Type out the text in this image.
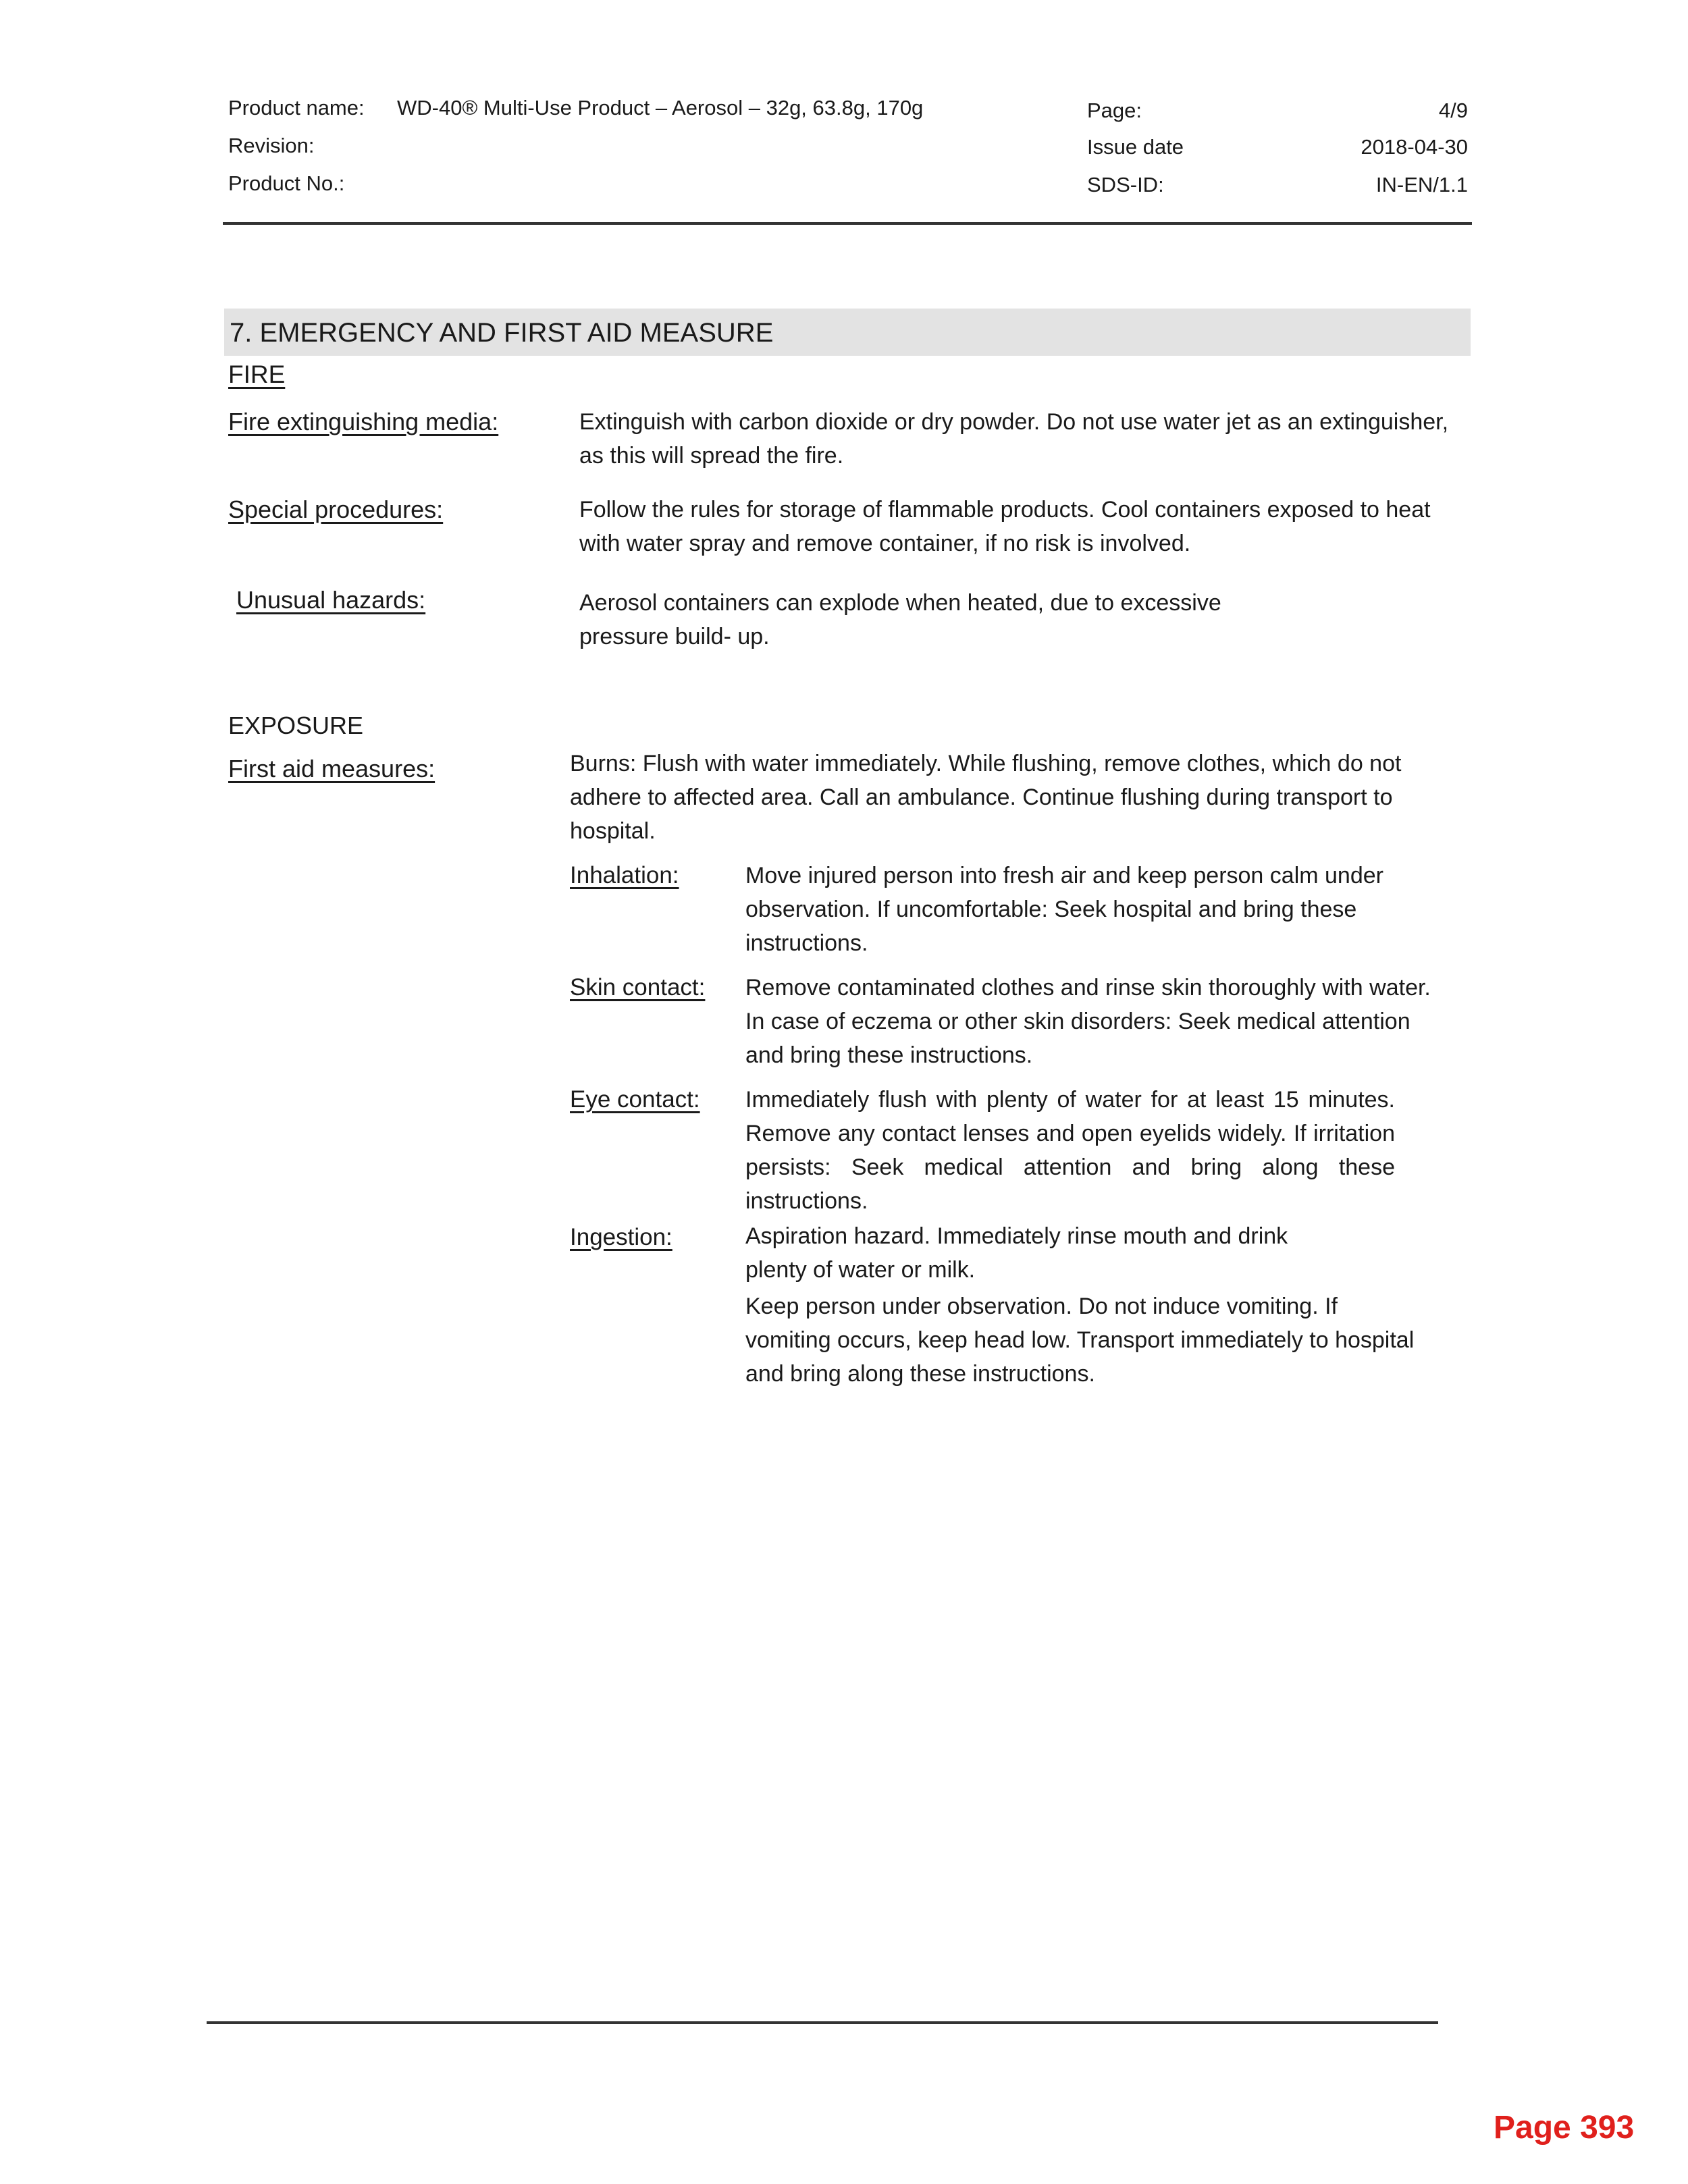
Product name: WD-40® Multi-Use Product – Aerosol – 32g, 63.8g, 170g
Revision:
Product No.:
Page:	4/9
Issue date	2018-04-30
SDS-ID:	IN-EN/1.1
7. EMERGENCY AND FIRST AID MEASURE
FIRE
Fire extinguishing media:	Extinguish with carbon dioxide or dry powder. Do not use water jet as an extinguisher, as this will spread the fire.
Special procedures:	Follow the rules for storage of flammable products. Cool containers exposed to heat with water spray and remove container, if no risk is involved.
Unusual hazards:	Aerosol containers can explode when heated, due to excessive
pressure build- up.
EXPOSURE
First aid measures:	Burns: Flush with water immediately. While flushing, remove clothes, which do not adhere to affected area. Call an ambulance. Continue flushing during transport to hospital.
Inhalation:	Move injured person into fresh air and keep person calm under observation. If uncomfortable: Seek hospital and bring these instructions.
Skin contact: Remove contaminated clothes and rinse skin thoroughly with water. In case of eczema or other skin disorders: Seek medical attention and bring these instructions.
Eye contact: Immediately flush with plenty of water for at least 15 minutes. Remove any contact lenses and open eyelids widely. If irritation persists: Seek medical attention and bring along these instructions.
Ingestion:	Aspiration hazard. Immediately rinse mouth and drink
plenty of water or milk.
Keep person under observation. Do not induce vomiting. If vomiting occurs, keep head low. Transport immediately to hospital and bring along these instructions.
Page 393
